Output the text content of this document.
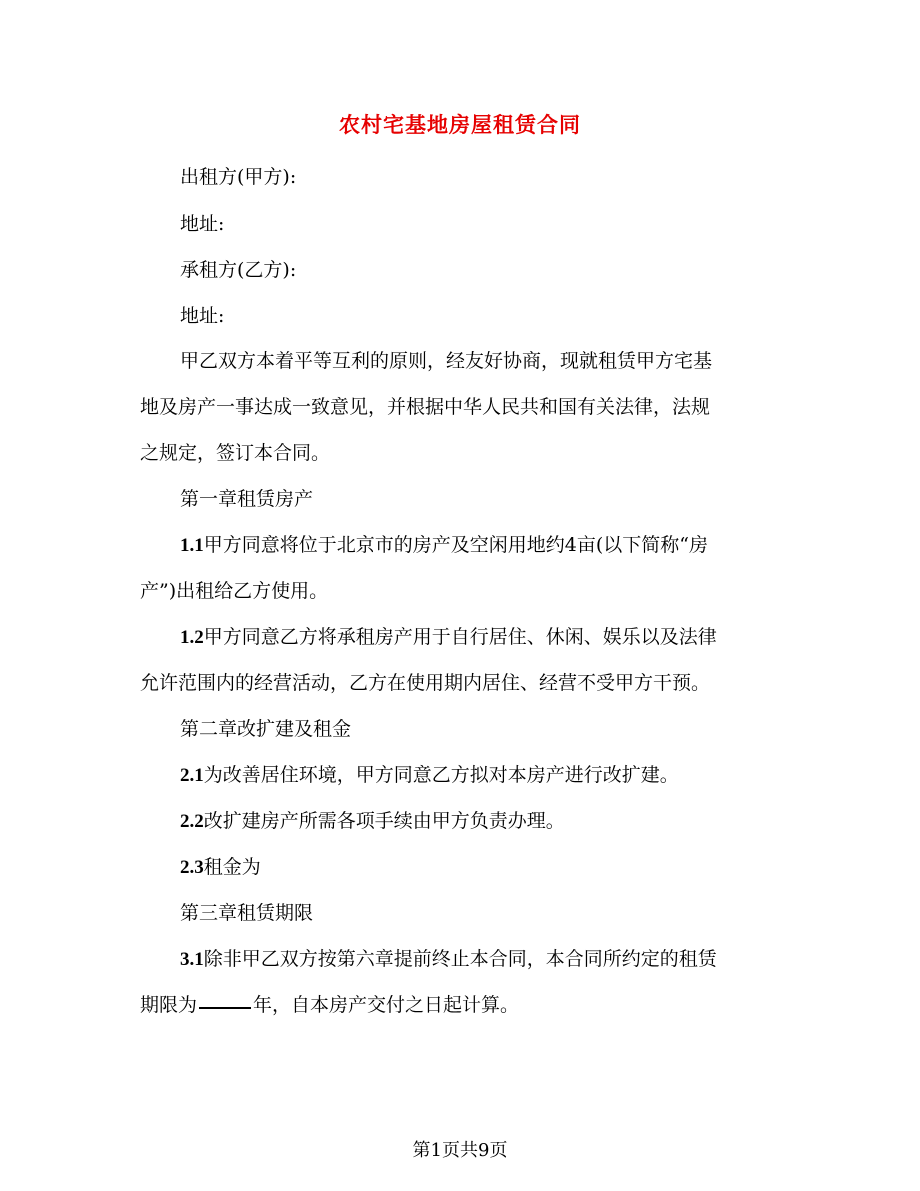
农村宅基地房屋租赁合同
出租方(甲方):
地址:
承租方(乙方):
地址:
甲乙双方本着平等互利的原则，经友好协商，现就租赁甲方宅基
地及房产一事达成一致意见，并根据中华人民共和国有关法律，法规
之规定，签订本合同。
第一章租赁房产
1.1甲方同意将位于北京市的房产及空闲用地约4亩(以下简称“房
产”)出租给乙方使用。
1.2甲方同意乙方将承租房产用于自行居住、休闲、娱乐以及法律
允许范围内的经营活动，乙方在使用期内居住、经营不受甲方干预。
第二章改扩建及租金
2.1为改善居住环境，甲方同意乙方拟对本房产进行改扩建。
2.2改扩建房产所需各项手续由甲方负责办理。
2.3租金为
第三章租赁期限
3.1除非甲乙双方按第六章提前终止本合同，本合同所约定的租赁
期限为	年，自本房产交付之日起计算。
第1页共9页
